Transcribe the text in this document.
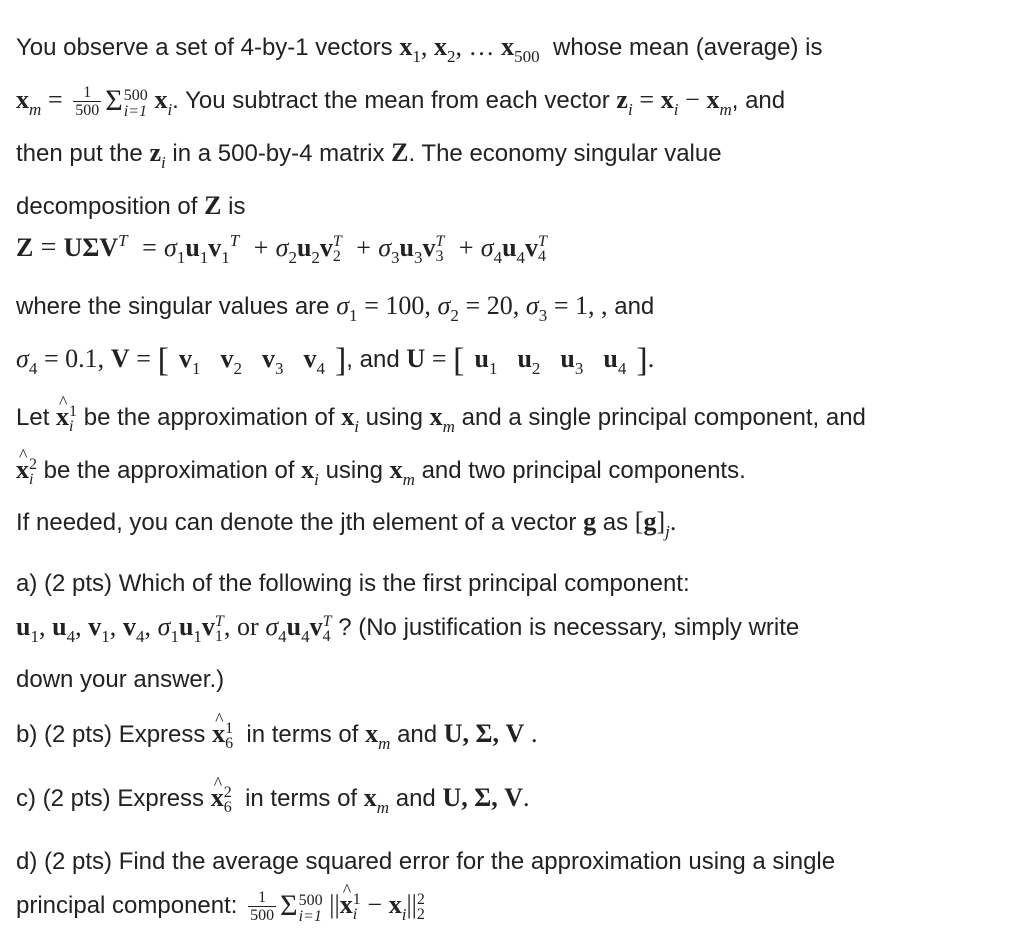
You observe a set of 4-by-1 vectors $x_1$, $x_2$, … $x_{500}$ whose mean (average) is
$x_m = \frac{1}{500}$ Σ 500
i=1 $x_i$. You subtract the mean from each vector $z_i = x_i - x_m$, and
then put the $z_i$ in a 500-by-4 matrix Z. The economy singular value
decomposition of Z is
$Z = U\Sigma V^T = \sigma_1u_1v_1^T + \sigma_2u_2v$ T
$2 + \sigma_3u_3v$ T
$3 + \sigma_4u_4v$ T
4
where the singular values are $\sigma_1 = 100$, $\sigma_2 = 20$, $\sigma_3 = 1$, , and
$\sigma_4 = 0.1$, V = [ $v_1$ $v_2$ $v_3$ $v_4$ ], and U = [ $u_1$ $u_2$ $u_3$ $u_4$ ].
Let ^ x 1
i be the approximation of $x_i$ using $x_m$ and a single principal component, and
^ x 2
i be the approximation of $x_i$ using $x_m$ and two principal components.
If needed, you can denote the jth element of a vector g as $[g]_j$.
a) (2 pts) Which of the following is the first principal component:
$u_1$, $u_4$, $v_1$, $v_4$, $\sigma_1u_1v$ T
1 , or $\sigma_4u_4v$ T
4 ? (No justification is necessary, simply write
down your answer.)
b) (2 pts) Express ^ x 1
6 in terms of $x_m$ and U, Σ, V .
c) (2 pts) Express ^ x 2
6 in terms of $x_m$ and U, Σ, V.
d) (2 pts) Find the average squared error for the approximation using a single
principal component: $\frac{1}{500}$ Σ 500
i=1 ||^ x 1
$i - x_i||$ 2
2
